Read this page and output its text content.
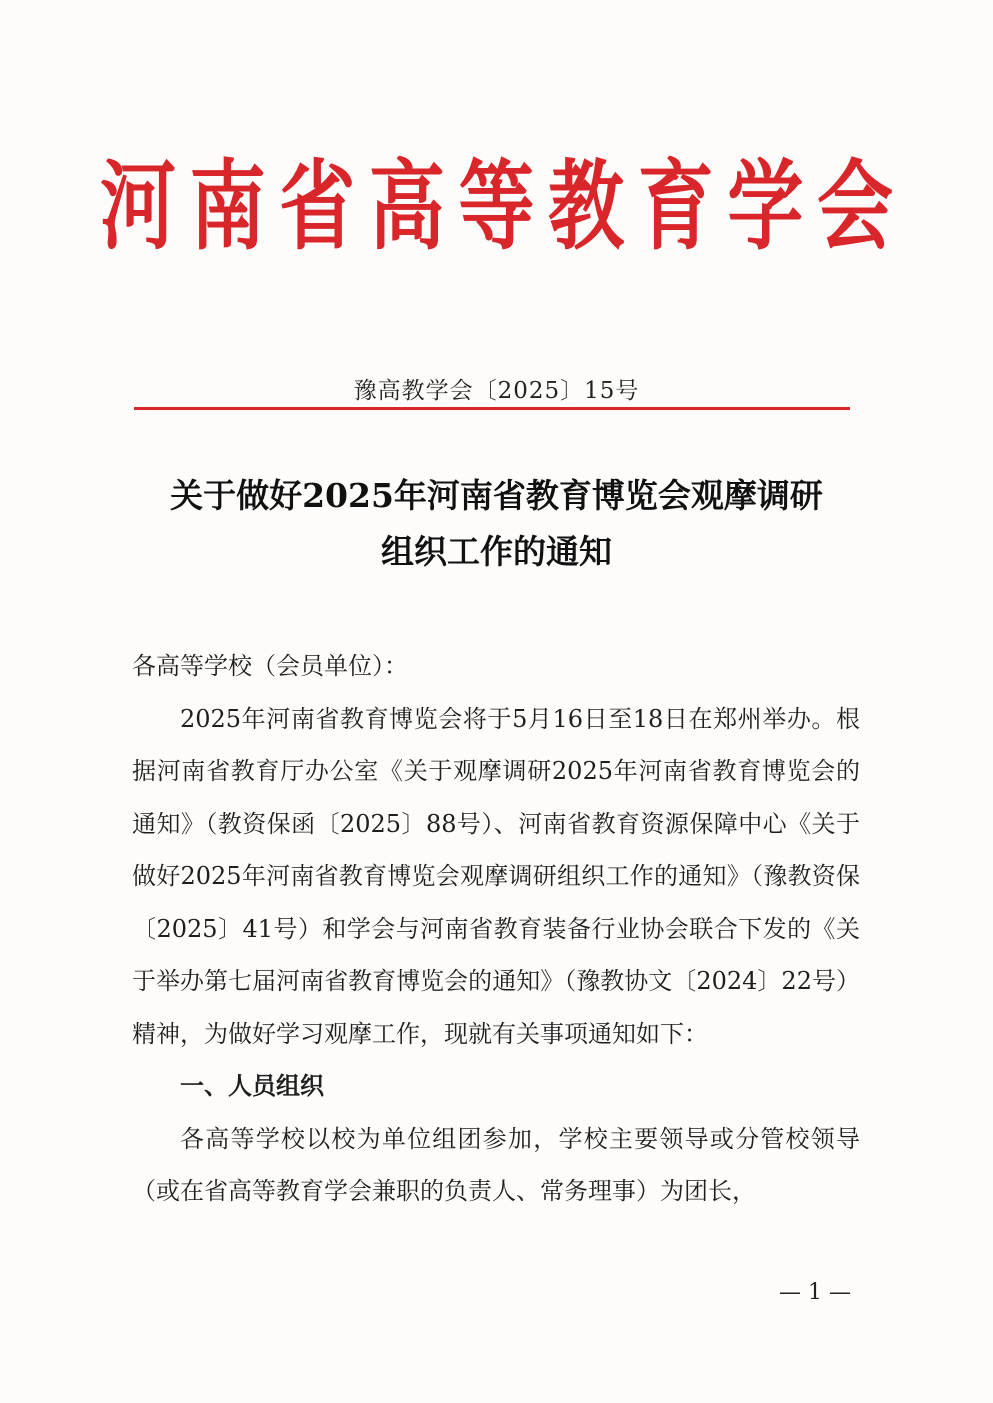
河 南 省 高 等 教 育 学 会
豫高教学会〔2025〕15号
关于做好2025年河南省教育博览会观摩调研
组织工作的通知

各高等学校（会员单位）：

2025年河南省教育博览会将于5月16日至18日在郑州举办。根据河南省教育厅办公室《关于观摩调研2025年河南省教育博览会的通知》（教资保函〔2025〕88号）、河南省教育资源保障中心《关于做好2025年河南省教育博览会观摩调研组织工作的通知》（豫教资保〔2025〕41号）和学会与河南省教育装备行业协会联合下发的《关于举办第七届河南省教育博览会的通知》（豫教协文〔2024〕22号）精神，为做好学习观摩工作，现就有关事项通知如下：

一、人员组织

各高等学校以校为单位组团参加，学校主要领导或分管校领导（或在省高等教育学会兼职的负责人、常务理事）为团长，

— 1 —
